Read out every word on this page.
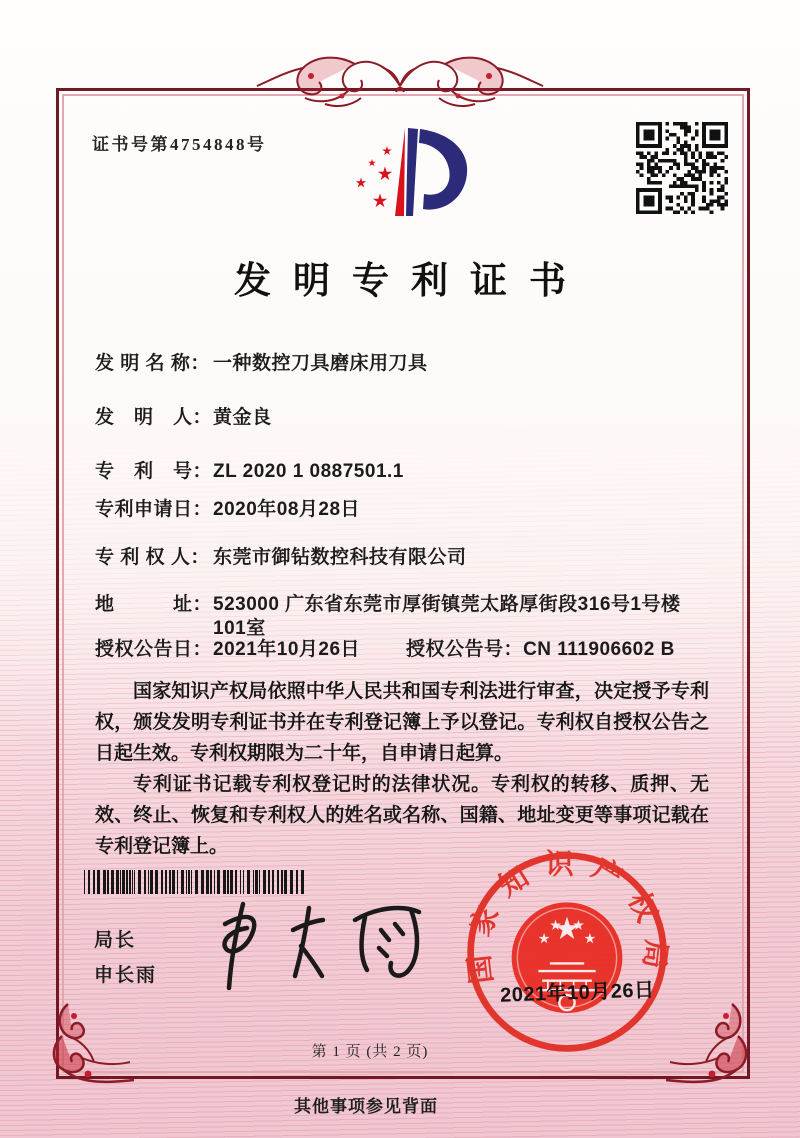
证书号第4754848号
发明专利证书
发 明 名 称： 一种数控刀具磨床用刀具
发　明　人： 黄金良
专　利　号： ZL 2020 1 0887501.1
专利申请日： 2020年08月28日
专 利 权 人： 东莞市御钻数控科技有限公司
地　　　址： 523000 广东省东莞市厚街镇莞太路厚街段316号1号楼101室
授权公告日： 2021年10月26日 授权公告号： CN 111906602 B

国家知识产权局依照中华人民共和国专利法进行审查，决定授予专利权，颁发发明专利证书并在专利登记簿上予以登记。专利权自授权公告之日起生效。专利权期限为二十年，自申请日起算。

专利证书记载专利权登记时的法律状况。专利权的转移、质押、无效、终止、恢复和专利权人的姓名或名称、国籍、地址变更等事项记载在专利登记簿上。

局长
申长雨	国家知识产权局
2021年10月26日
第 1 页 (共 2 页)
其他事项参见背面
